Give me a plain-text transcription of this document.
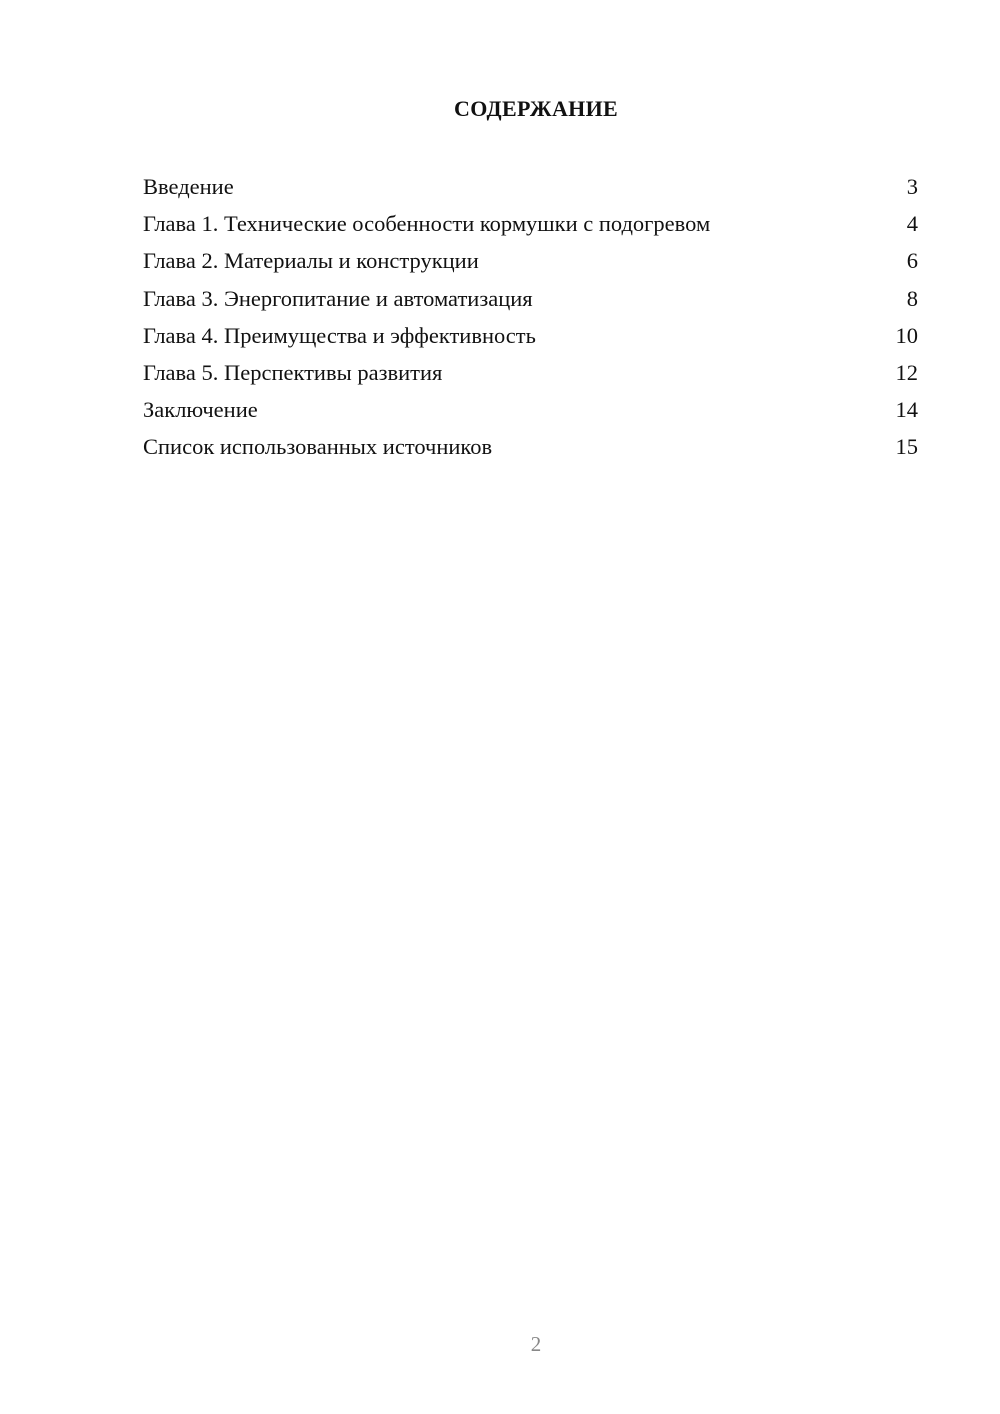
СОДЕРЖАНИЕ
Введение	3
Глава 1. Технические особенности кормушки с подогревом	4
Глава 2. Материалы и конструкции	6
Глава 3. Энергопитание и автоматизация	8
Глава 4. Преимущества и эффективность	10
Глава 5. Перспективы развития	12
Заключение	14
Список использованных источников	15
2
